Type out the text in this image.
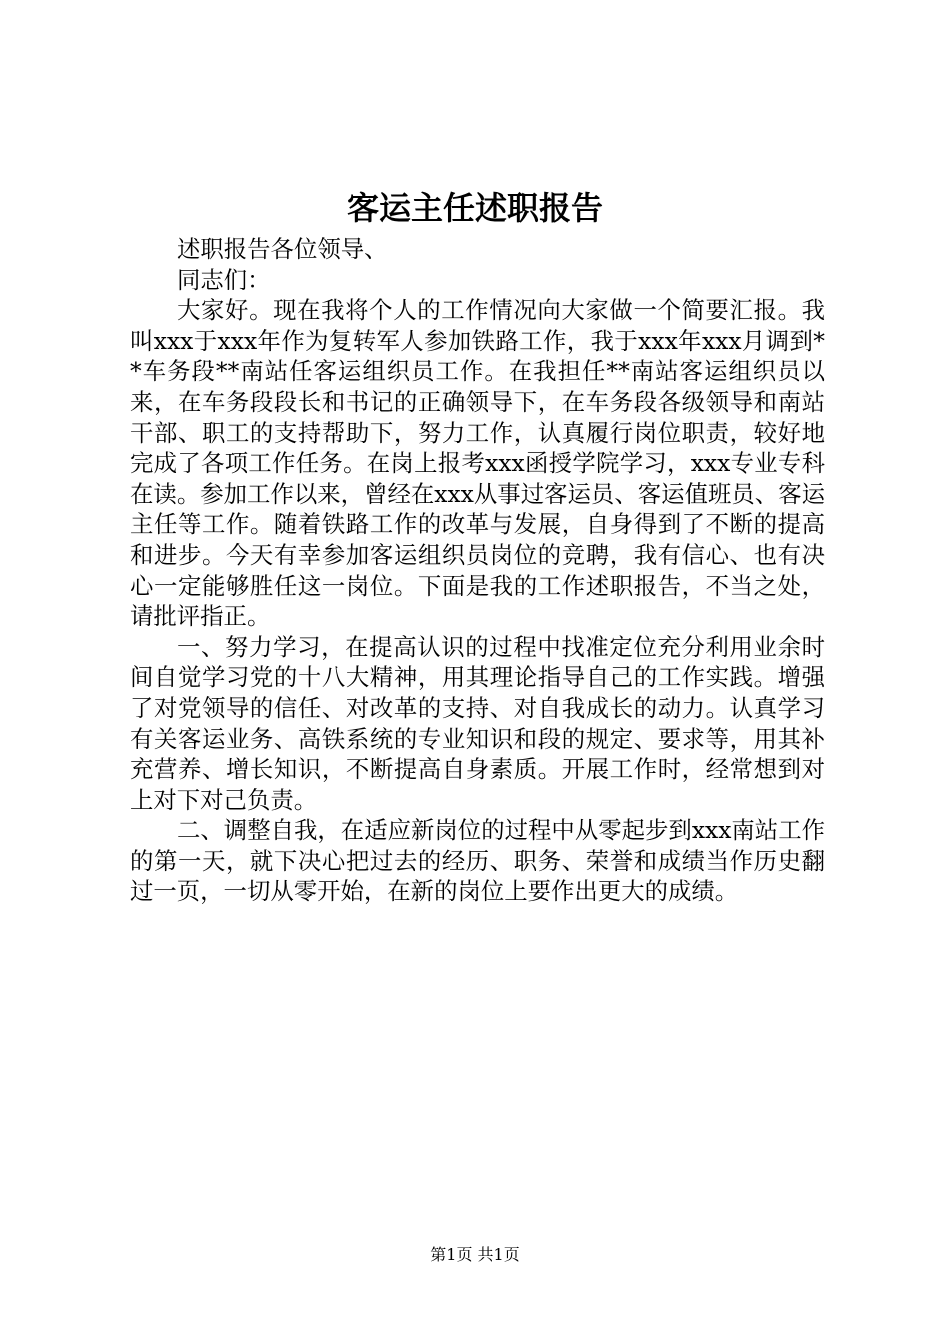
客运主任述职报告

述职报告各位领导、

同志们：

大家好。现在我将个人的工作情况向大家做一个简要汇报。我叫xxx于xxx年作为复转军人参加铁路工作，我于xxx年xxx月调到**车务段**南站任客运组织员工作。在我担任**南站客运组织员以来，在车务段段长和书记的正确领导下，在车务段各级领导和南站干部、职工的支持帮助下，努力工作，认真履行岗位职责，较好地完成了各项工作任务。在岗上报考xxx函授学院学习，xxx专业专科在读。参加工作以来，曾经在xxx从事过客运员、客运值班员、客运主任等工作。随着铁路工作的改革与发展，自身得到了不断的提高和进步。今天有幸参加客运组织员岗位的竞聘，我有信心、也有决心一定能够胜任这一岗位。下面是我的工作述职报告，不当之处，请批评指正。

一、努力学习，在提高认识的过程中找准定位充分利用业余时间自觉学习党的十八大精神，用其理论指导自己的工作实践。增强了对党领导的信任、对改革的支持、对自我成长的动力。认真学习有关客运业务、高铁系统的专业知识和段的规定、要求等，用其补充营养、增长知识，不断提高自身素质。开展工作时，经常想到对上对下对己负责。

二、调整自我，在适应新岗位的过程中从零起步到xxx南站工作的第一天，就下决心把过去的经历、职务、荣誉和成绩当作历史翻过一页，一切从零开始，在新的岗位上要作出更大的成绩。

第1页 共1页
